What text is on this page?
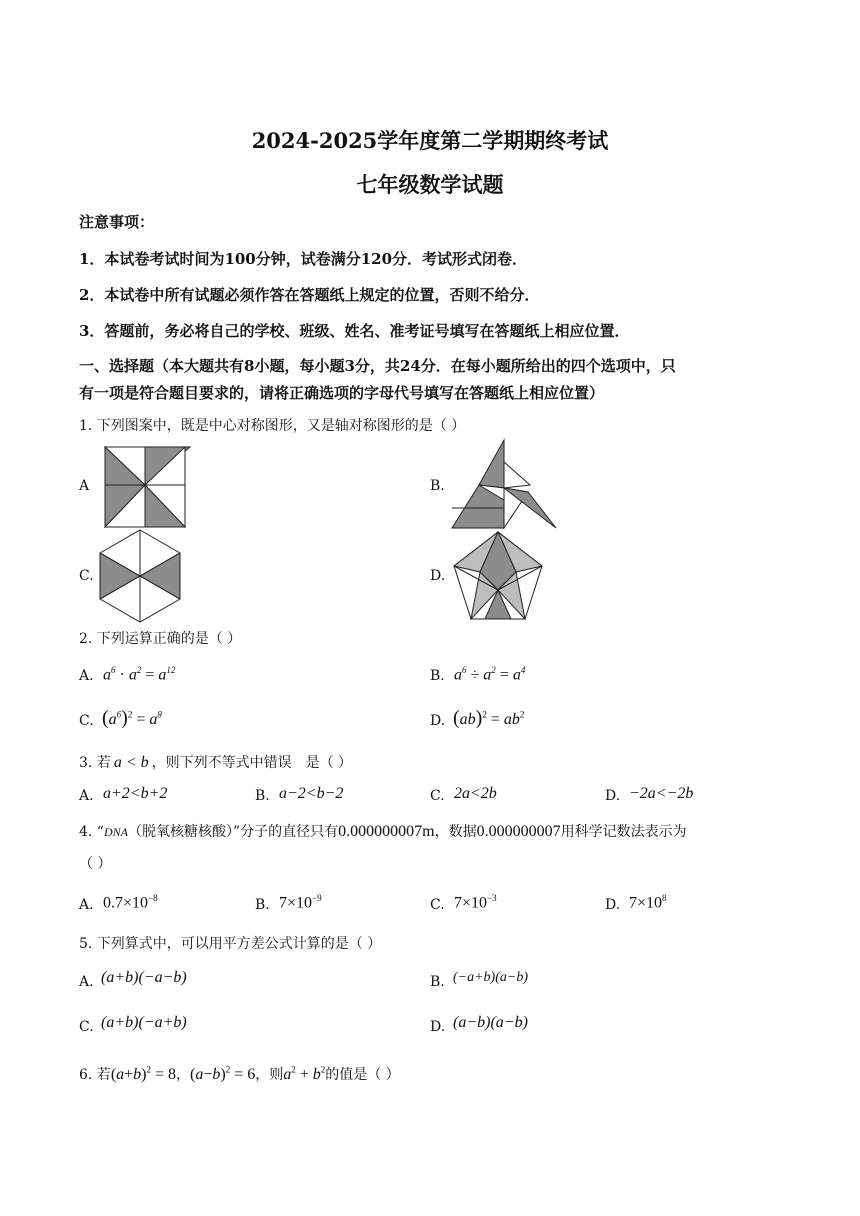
2024-2025学年度第二学期期终考试
七年级数学试题
注意事项：
1．本试卷考试时间为100分钟，试卷满分120分．考试形式闭卷．
2．本试卷中所有试题必须作答在答题纸上规定的位置，否则不给分．
3．答题前，务必将自己的学校、班级、姓名、准考证号填写在答题纸上相应位置．
一、选择题（本大题共有8小题，每小题3分，共24分．在每小题所给出的四个选项中，只
有一项是符合题目要求的，请将正确选项的字母代号填写在答题纸上相应位置）
1. 下列图案中，既是中心对称图形，又是轴对称图形的是（ ）
A	B.
C.	D.
2. 下列运算正确的是（ ）
A. $a^6 \cdot a^2 = a^{12}$	B. $a^6 \div a^2 = a^4$
C. $(a^6)^2 = a^8$	D. $(ab)^2 = ab^2$
3. 若 a < b ，则下列不等式中错误　是（ ）
A. a+2<b+2	B. a−2<b−2	C. 2a<2b	D. −2a<−2b
4. “DNA（脱氧核糖核酸）”分子的直径只有0.000000007m，数据0.000000007用科学记数法表示为
（ ）
A. $0.7\times 10^{-8}$	B. $7\times 10^{-9}$	C. $7\times 10^{-3}$	D. $7\times 10^8$
5. 下列算式中，可以用平方差公式计算的是（ ）
A. (a+b)(−a−b)	B. (−a+b)(a−b)
C. (a+b)(−a+b)	D. (a−b)(a−b)
6. 若$(a+b)^2 = 8$，$(a-b)^2 = 6$，则$a^2 + b^2$的值是（ ）
